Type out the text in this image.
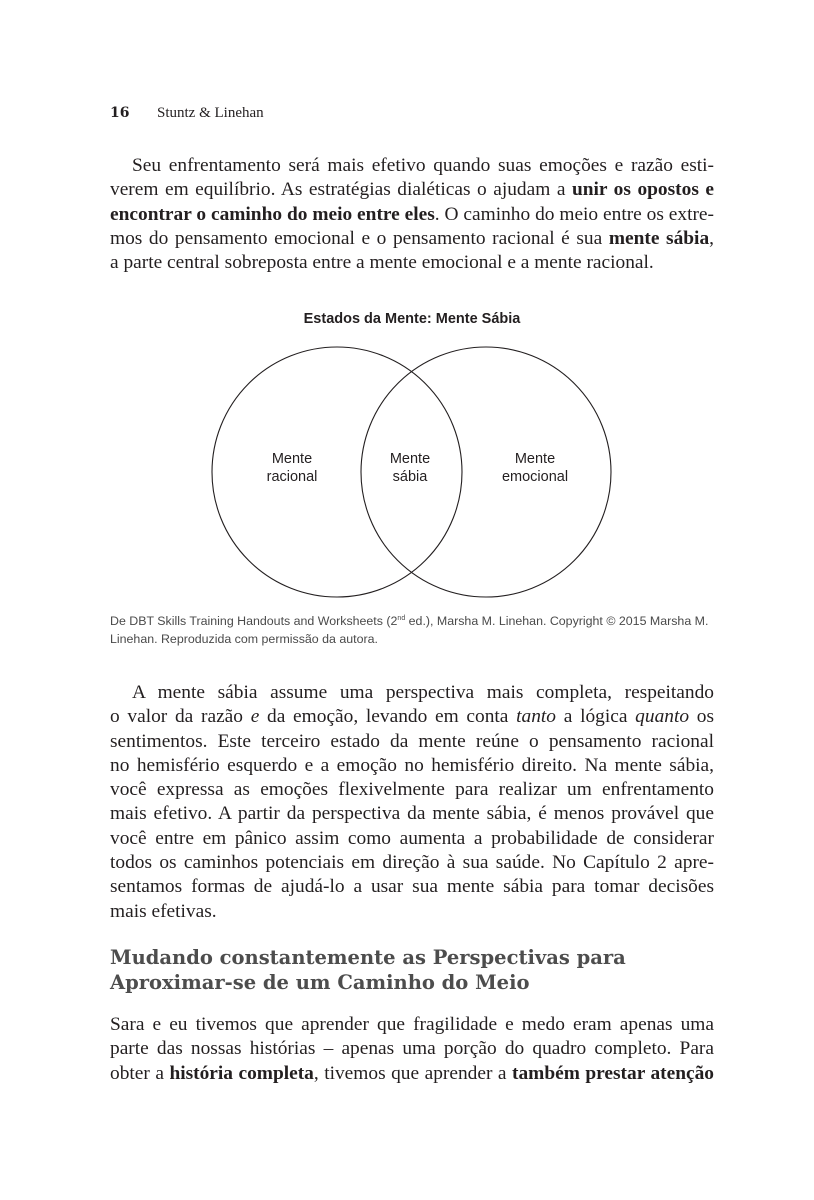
16 Stuntz & Linehan
Seu enfrentamento será mais efetivo quando suas emoções e razão esti-
verem em equilíbrio. As estratégias dialéticas o ajudam a unir os opostos e
encontrar o caminho do meio entre eles. O caminho do meio entre os extre-
mos do pensamento emocional e o pensamento racional é sua mente sábia,
a parte central sobreposta entre a mente emocional e a mente racional.
Estados da Mente: Mente Sábia
Mente
racional
Mente
sábia
Mente
emocional
De DBT Skills Training Handouts and Worksheets (2nd ed.), Marsha M. Linehan. Copyright © 2015 Marsha M.
Linehan. Reproduzida com permissão da autora.
A mente sábia assume uma perspectiva mais completa, respeitando
o valor da razão e da emoção, levando em conta tanto a lógica quanto os
sentimentos. Este terceiro estado da mente reúne o pensamento racional
no hemisfério esquerdo e a emoção no hemisfério direito. Na mente sábia,
você expressa as emoções flexivelmente para realizar um enfrentamento
mais efetivo. A partir da perspectiva da mente sábia, é menos provável que
você entre em pânico assim como aumenta a probabilidade de considerar
todos os caminhos potenciais em direção à sua saúde. No Capítulo 2 apre-
sentamos formas de ajudá-lo a usar sua mente sábia para tomar decisões
mais efetivas.
Mudando constantemente as Perspectivas para
Aproximar-se de um Caminho do Meio
Sara e eu tivemos que aprender que fragilidade e medo eram apenas uma
parte das nossas histórias – apenas uma porção do quadro completo. Para
obter a história completa, tivemos que aprender a também prestar atenção
